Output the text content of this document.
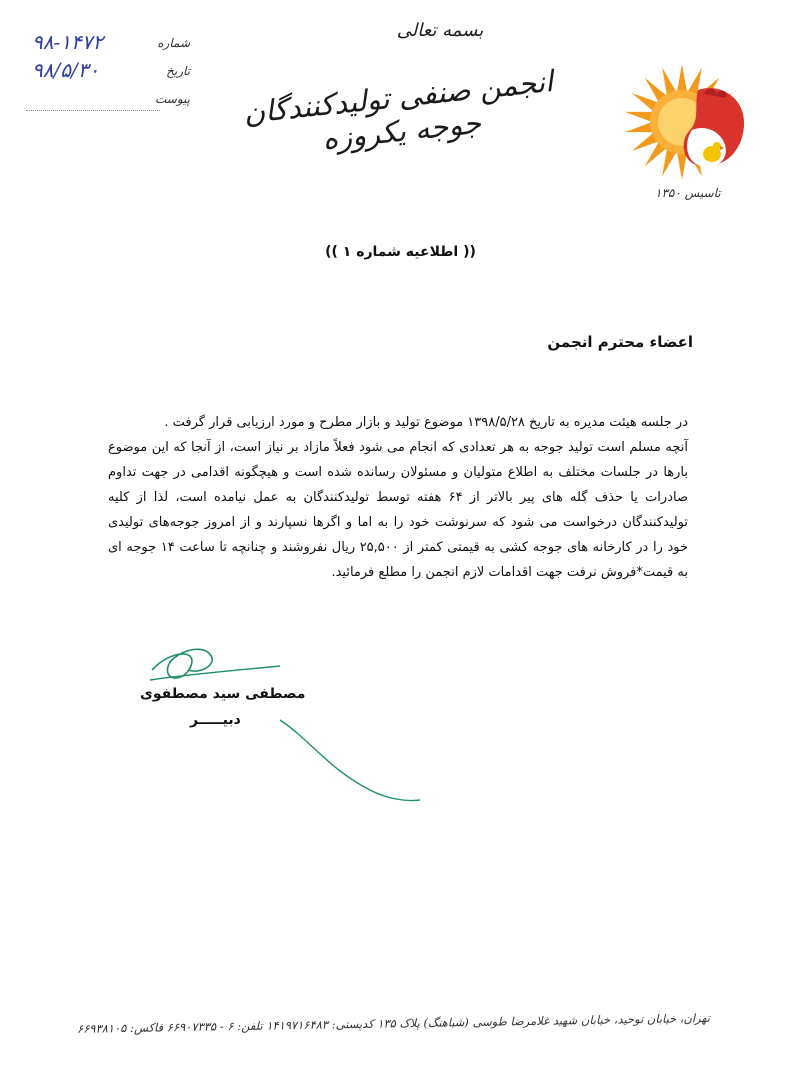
۹۸-۱۴۷۲	شماره
۹۸/۵/۳۰	تاریخ
پیوست
بسمه تعالی
انجمن صنفی تولیدکنندگان جوجه یکروزه
تاسیس ۱۳۵۰
(( اطلاعیه شماره ۱ ))
اعضاء محترم انجمن

در جلسه هیئت مدیره به تاریخ ۱۳۹۸/۵/۲۸ موضوع تولید و بازار مطرح و مورد ارزیابی قرار گرفت .

آنچه مسلم است تولید جوجه به هر تعدادی که انجام می شود فعلاً مازاد بر نیاز است، از آنجا که این موضوع بارها در جلسات مختلف به اطلاع متولیان و مسئولان رسانده شده است و هیچگونه اقدامی در جهت تداوم صادرات یا حذف گله های پیر بالاتر از ۶۴ هفته توسط تولیدکنندگان به عمل نیامده است، لذا از کلیه تولیدکنندگان درخواست می شود که سرنوشت خود را به اما و اگرها نسپارند و از امروز جوجه‌های تولیدی خود را در کارخانه های جوجه کشی به قیمتی کمتر از ۲۵,۵۰۰ ریال نفروشند و چنانچه تا ساعت ۱۴ جوجه ای به قیمت*فروش نرفت جهت اقدامات لازم انجمن را مطلع فرمائید.

مصطفی سید مصطفوی
دبیـــــر
تهران، خیابان توحید، خیابان شهید غلامرضا طوسی (شباهنگ) پلاک ۱۳۵ کدپستی: ۱۴۱۹۷۱۶۴۸۳ تلفن: ۶ - ۶۶۹۰۷۳۳۵ فاکس: ۶۶۹۳۸۱۰۵
